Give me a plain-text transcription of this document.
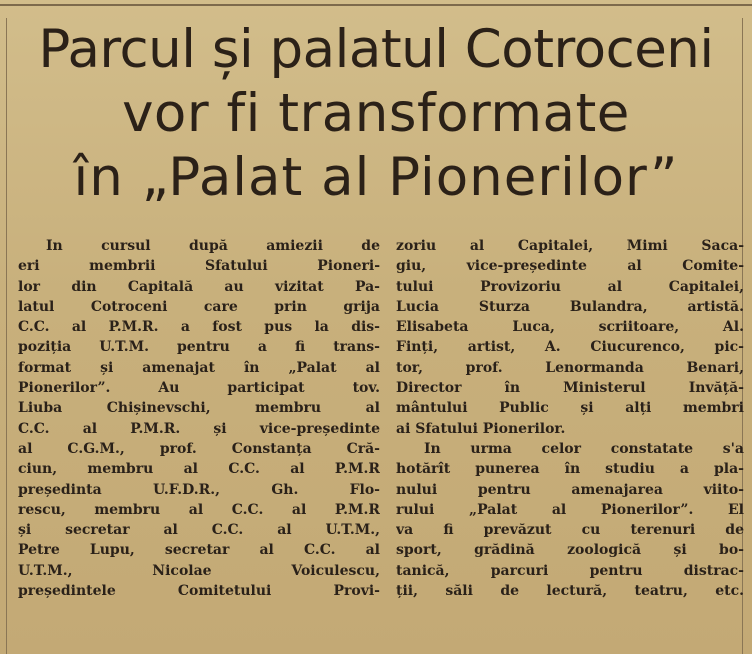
Parcul și palatul Cotroceni
vor fi transformate
în „Palat al Pionerilor”
In cursul după amiezii de
eri membrii Sfatului Pioneri-
lor din Capitală au vizitat Pa-
latul Cotroceni care prin grija
C.C. al P.M.R. a fost pus la dis-
poziția U.T.M. pentru a fi trans-
format și amenajat în „Palat al
Pionerilor”. Au participat tov.
Liuba Chișinevschi, membru al
C.C. al P.M.R. și vice-președinte
al C.G.M., prof. Constanța Cră-
ciun, membru al C.C. al P.M.R
președinta U.F.D.R., Gh. Flo-
rescu, membru al C.C. al P.M.R
și secretar al C.C. al U.T.M.,
Petre Lupu, secretar al C.C. al
U.T.M., Nicolae Voiculescu,
președintele Comitetului Provi-
zoriu al Capitalei, Mimi Saca-
giu, vice-președinte al Comite-
tului Provizoriu al Capitalei,
Lucia Sturza Bulandra, artistă.
Elisabeta Luca, scriitoare, Al.
Finți, artist, A. Ciucurenco, pic-
tor, prof. Lenormanda Benari,
Director în Ministerul Invăță-
mântului Public și alți membri
ai Sfatului Pionerilor.
In urma celor constatate s'a
hotărît punerea în studiu a pla-
nului pentru amenajarea viito-
rului „Palat al Pionerilor”. El
va fi prevăzut cu terenuri de
sport, grădină zoologică și bo-
tanică, parcuri pentru distrac-
ții, săli de lectură, teatru, etc.
